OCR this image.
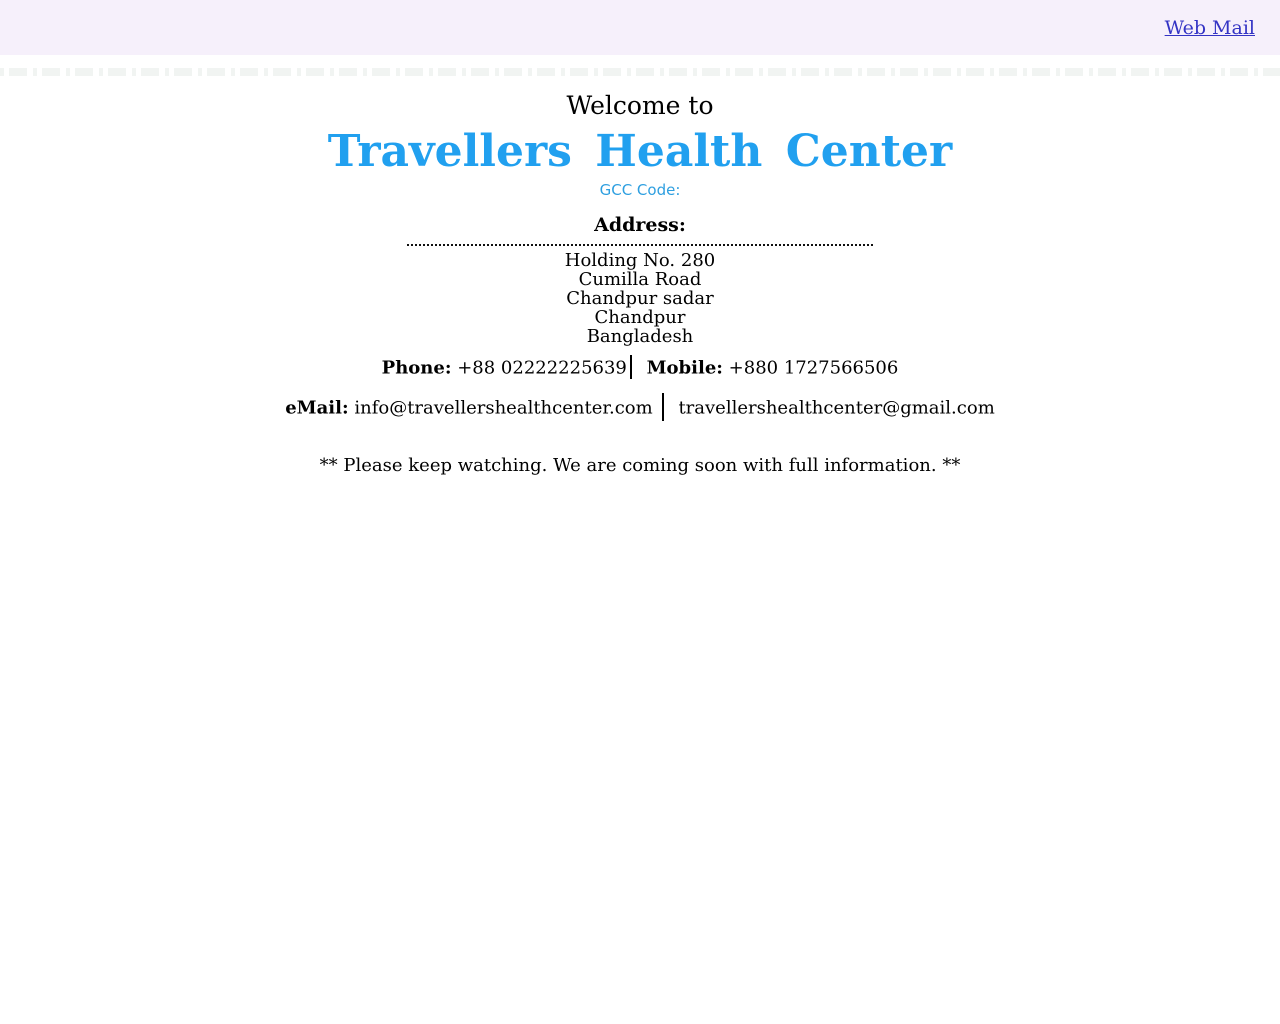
Web Mail
Welcome to
Travellers Health Center
GCC Code:
Address:
Holding No. 280
Cumilla Road
Chandpur sadar
Chandpur
Bangladesh
Phone: +88 02222225639 Mobile: +880 1727566506
eMail: info@travellershealthcenter.com travellershealthcenter@gmail.com
** Please keep watching. We are coming soon with full information. **
